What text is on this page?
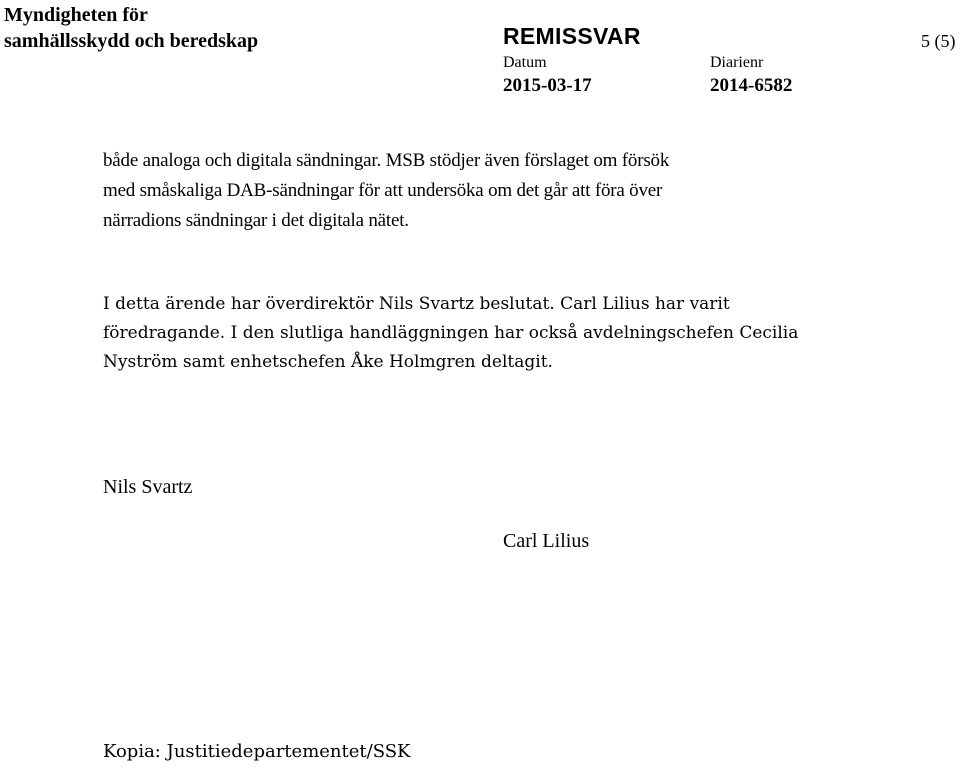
Myndigheten för
samhällsskydd och beredskap	REMISSVAR	5 (5)
Datum	Diarienr
2015-03-17	2014-6582
både analoga och digitala sändningar. MSB stödjer även förslaget om försök
med småskaliga DAB-sändningar för att undersöka om det går att föra över
närradions sändningar i det digitala nätet.
I detta ärende har överdirektör Nils Svartz beslutat. Carl Lilius har varit
föredragande. I den slutliga handläggningen har också avdelningschefen Cecilia
Nyström samt enhetschefen Åke Holmgren deltagit.
Nils Svartz
Carl Lilius
Kopia: Justitiedepartementet/SSK
